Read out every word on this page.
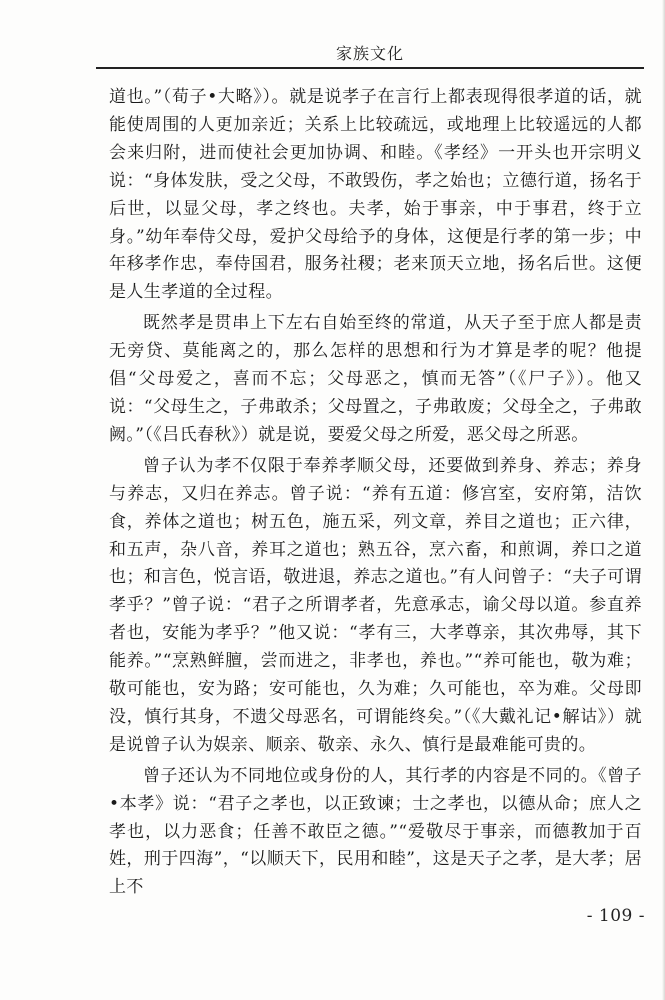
家族文化

道也。”（荀子•大略》）。就是说孝子在言行上都表现得很孝道的话，就能使周围的人更加亲近；关系上比较疏远，或地理上比较遥远的人都会来归附，进而使社会更加协调、和睦。《孝经》一开头也开宗明义说：“身体发肤，受之父母，不敢毁伤，孝之始也；立德行道，扬名于后世，以显父母，孝之终也。夫孝，始于事亲，中于事君，终于立身。”幼年奉侍父母，爱护父母给予的身体，这便是行孝的第一步；中年移孝作忠，奉侍国君，服务社稷；老来顶天立地，扬名后世。这便是人生孝道的全过程。

既然孝是贯串上下左右自始至终的常道，从天子至于庶人都是责无旁贷、莫能离之的，那么怎样的思想和行为才算是孝的呢？他提倡“父母爱之，喜而不忘；父母恶之，慎而无答”（《尸子》）。他又说：“父母生之，子弗敢杀；父母置之，子弗敢废；父母全之，子弗敢阙。”（《吕氏春秋》）就是说，要爱父母之所爱，恶父母之所恶。

曾子认为孝不仅限于奉养孝顺父母，还要做到养身、养志；养身与养志，又归在养志。曾子说：“养有五道：修宫室，安府第，洁饮食，养体之道也；树五色，施五采，列文章，养目之道也；正六律，和五声，杂八音，养耳之道也；熟五谷，烹六畜，和煎调，养口之道也；和言色，悦言语，敬进退，养志之道也。”有人问曾子：“夫子可谓孝乎？”曾子说：“君子之所谓孝者，先意承志，谕父母以道。参直养者也，安能为孝乎？”他又说：“孝有三，大孝尊亲，其次弗辱，其下能养。”“烹熟鲜膻，尝而进之，非孝也，养也。”“养可能也，敬为难；敬可能也，安为路；安可能也，久为难；久可能也，卒为难。父母即没，慎行其身，不遗父母恶名，可谓能终矣。”（《大戴礼记•解诂》）就是说曾子认为娱亲、顺亲、敬亲、永久、慎行是最难能可贵的。

曾子还认为不同地位或身份的人，其行孝的内容是不同的。《曾子•本孝》说：“君子之孝也，以正致谏；士之孝也，以德从命；庶人之孝也，以力恶食；任善不敢臣之德。”“爱敬尽于事亲，而德教加于百姓，刑于四海”，“以顺天下，民用和睦”，这是天子之孝，是大孝；居上不

- 109 -
